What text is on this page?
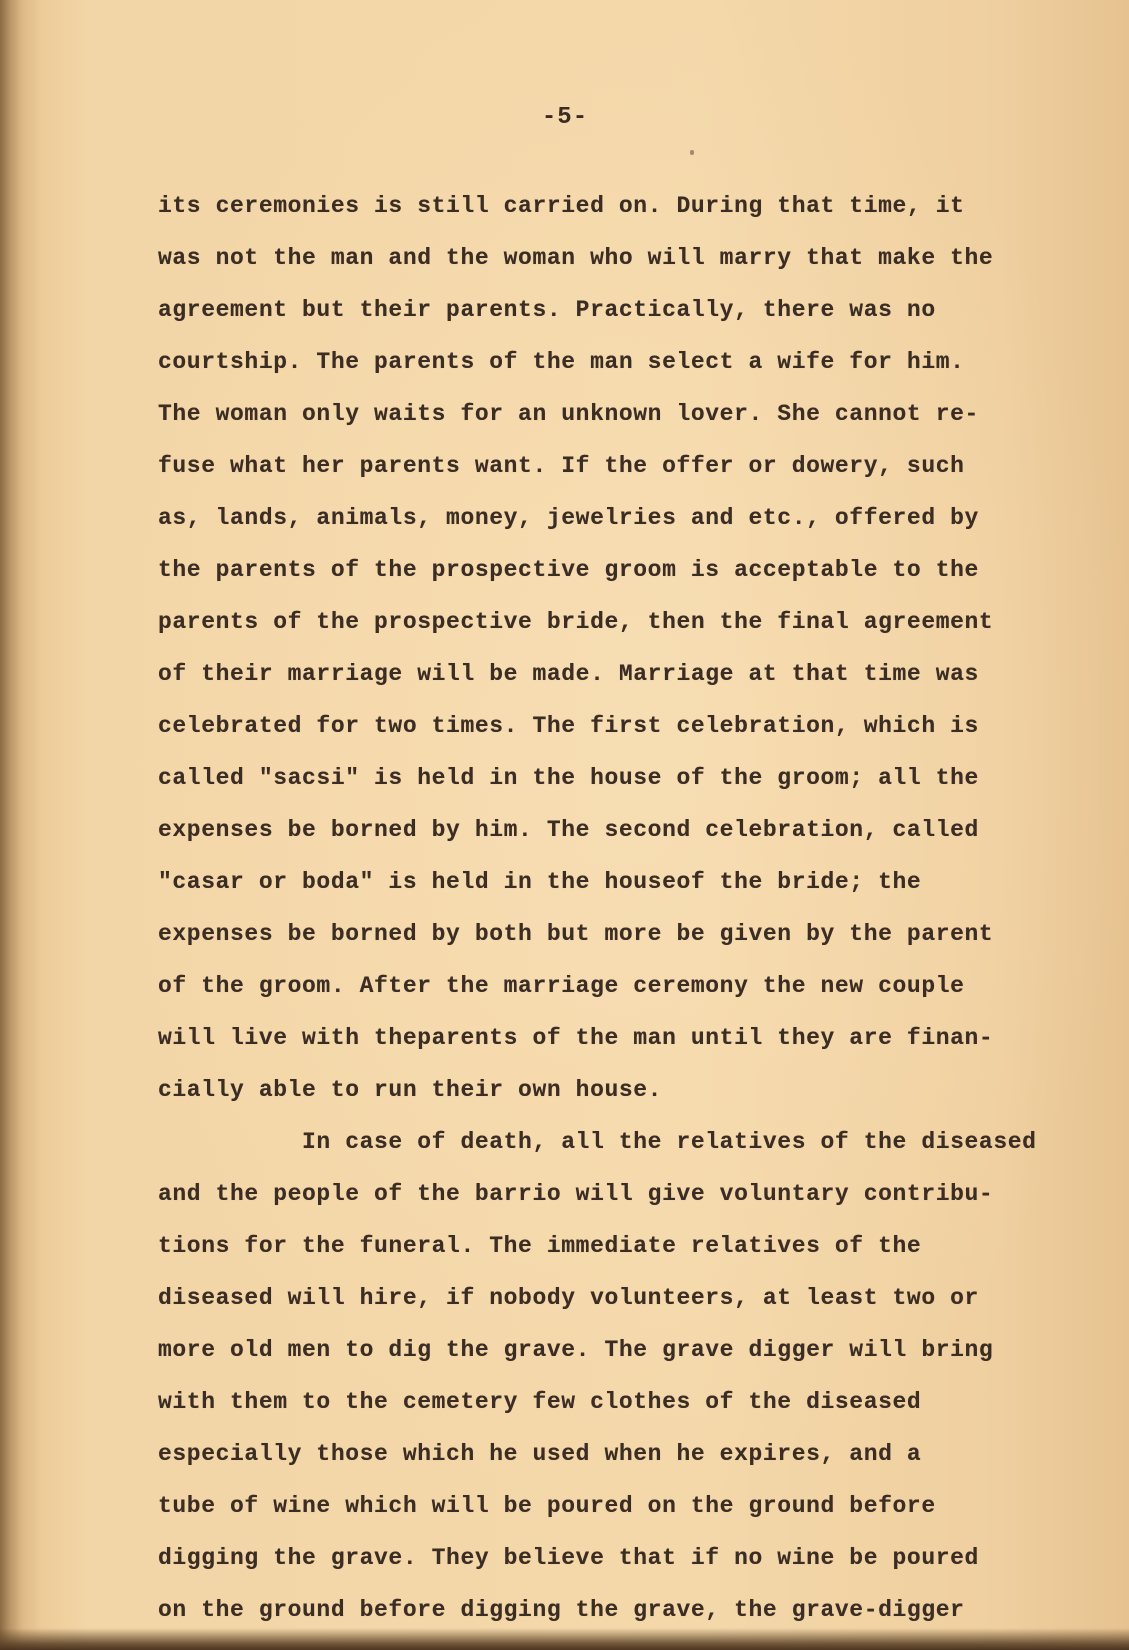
-5-
its ceremonies is still carried on. During that time, it
was not the man and the woman who will marry that make the
agreement but their parents. Practically, there was no
courtship. The parents of the man select a wife for him.
The woman only waits for an unknown lover. She cannot re-
fuse what her parents want. If the offer or dowery, such
as, lands, animals, money, jewelries and etc., offered by
the parents of the prospective groom is acceptable to the
parents of the prospective bride, then the final agreement
of their marriage will be made. Marriage at that time was
celebrated for two times. The first celebration, which is
called "sacsi" is held in the house of the groom; all the
expenses be borned by him. The second celebration, called
"casar or boda" is held in the houseof the bride; the
expenses be borned by both but more be given by the parent
of the groom. After the marriage ceremony the new couple
will live with theparents of the man until they are finan-
cially able to run their own house.
In case of death, all the relatives of the diseased
and the people of the barrio will give voluntary contribu-
tions for the funeral. The immediate relatives of the
diseased will hire, if nobody volunteers, at least two or
more old men to dig the grave. The grave digger will bring
with them to the cemetery few clothes of the diseased
especially those which he used when he expires, and a
tube of wine which will be poured on the ground before
digging the grave. They believe that if no wine be poured
on the ground before digging the grave, the grave-digger
